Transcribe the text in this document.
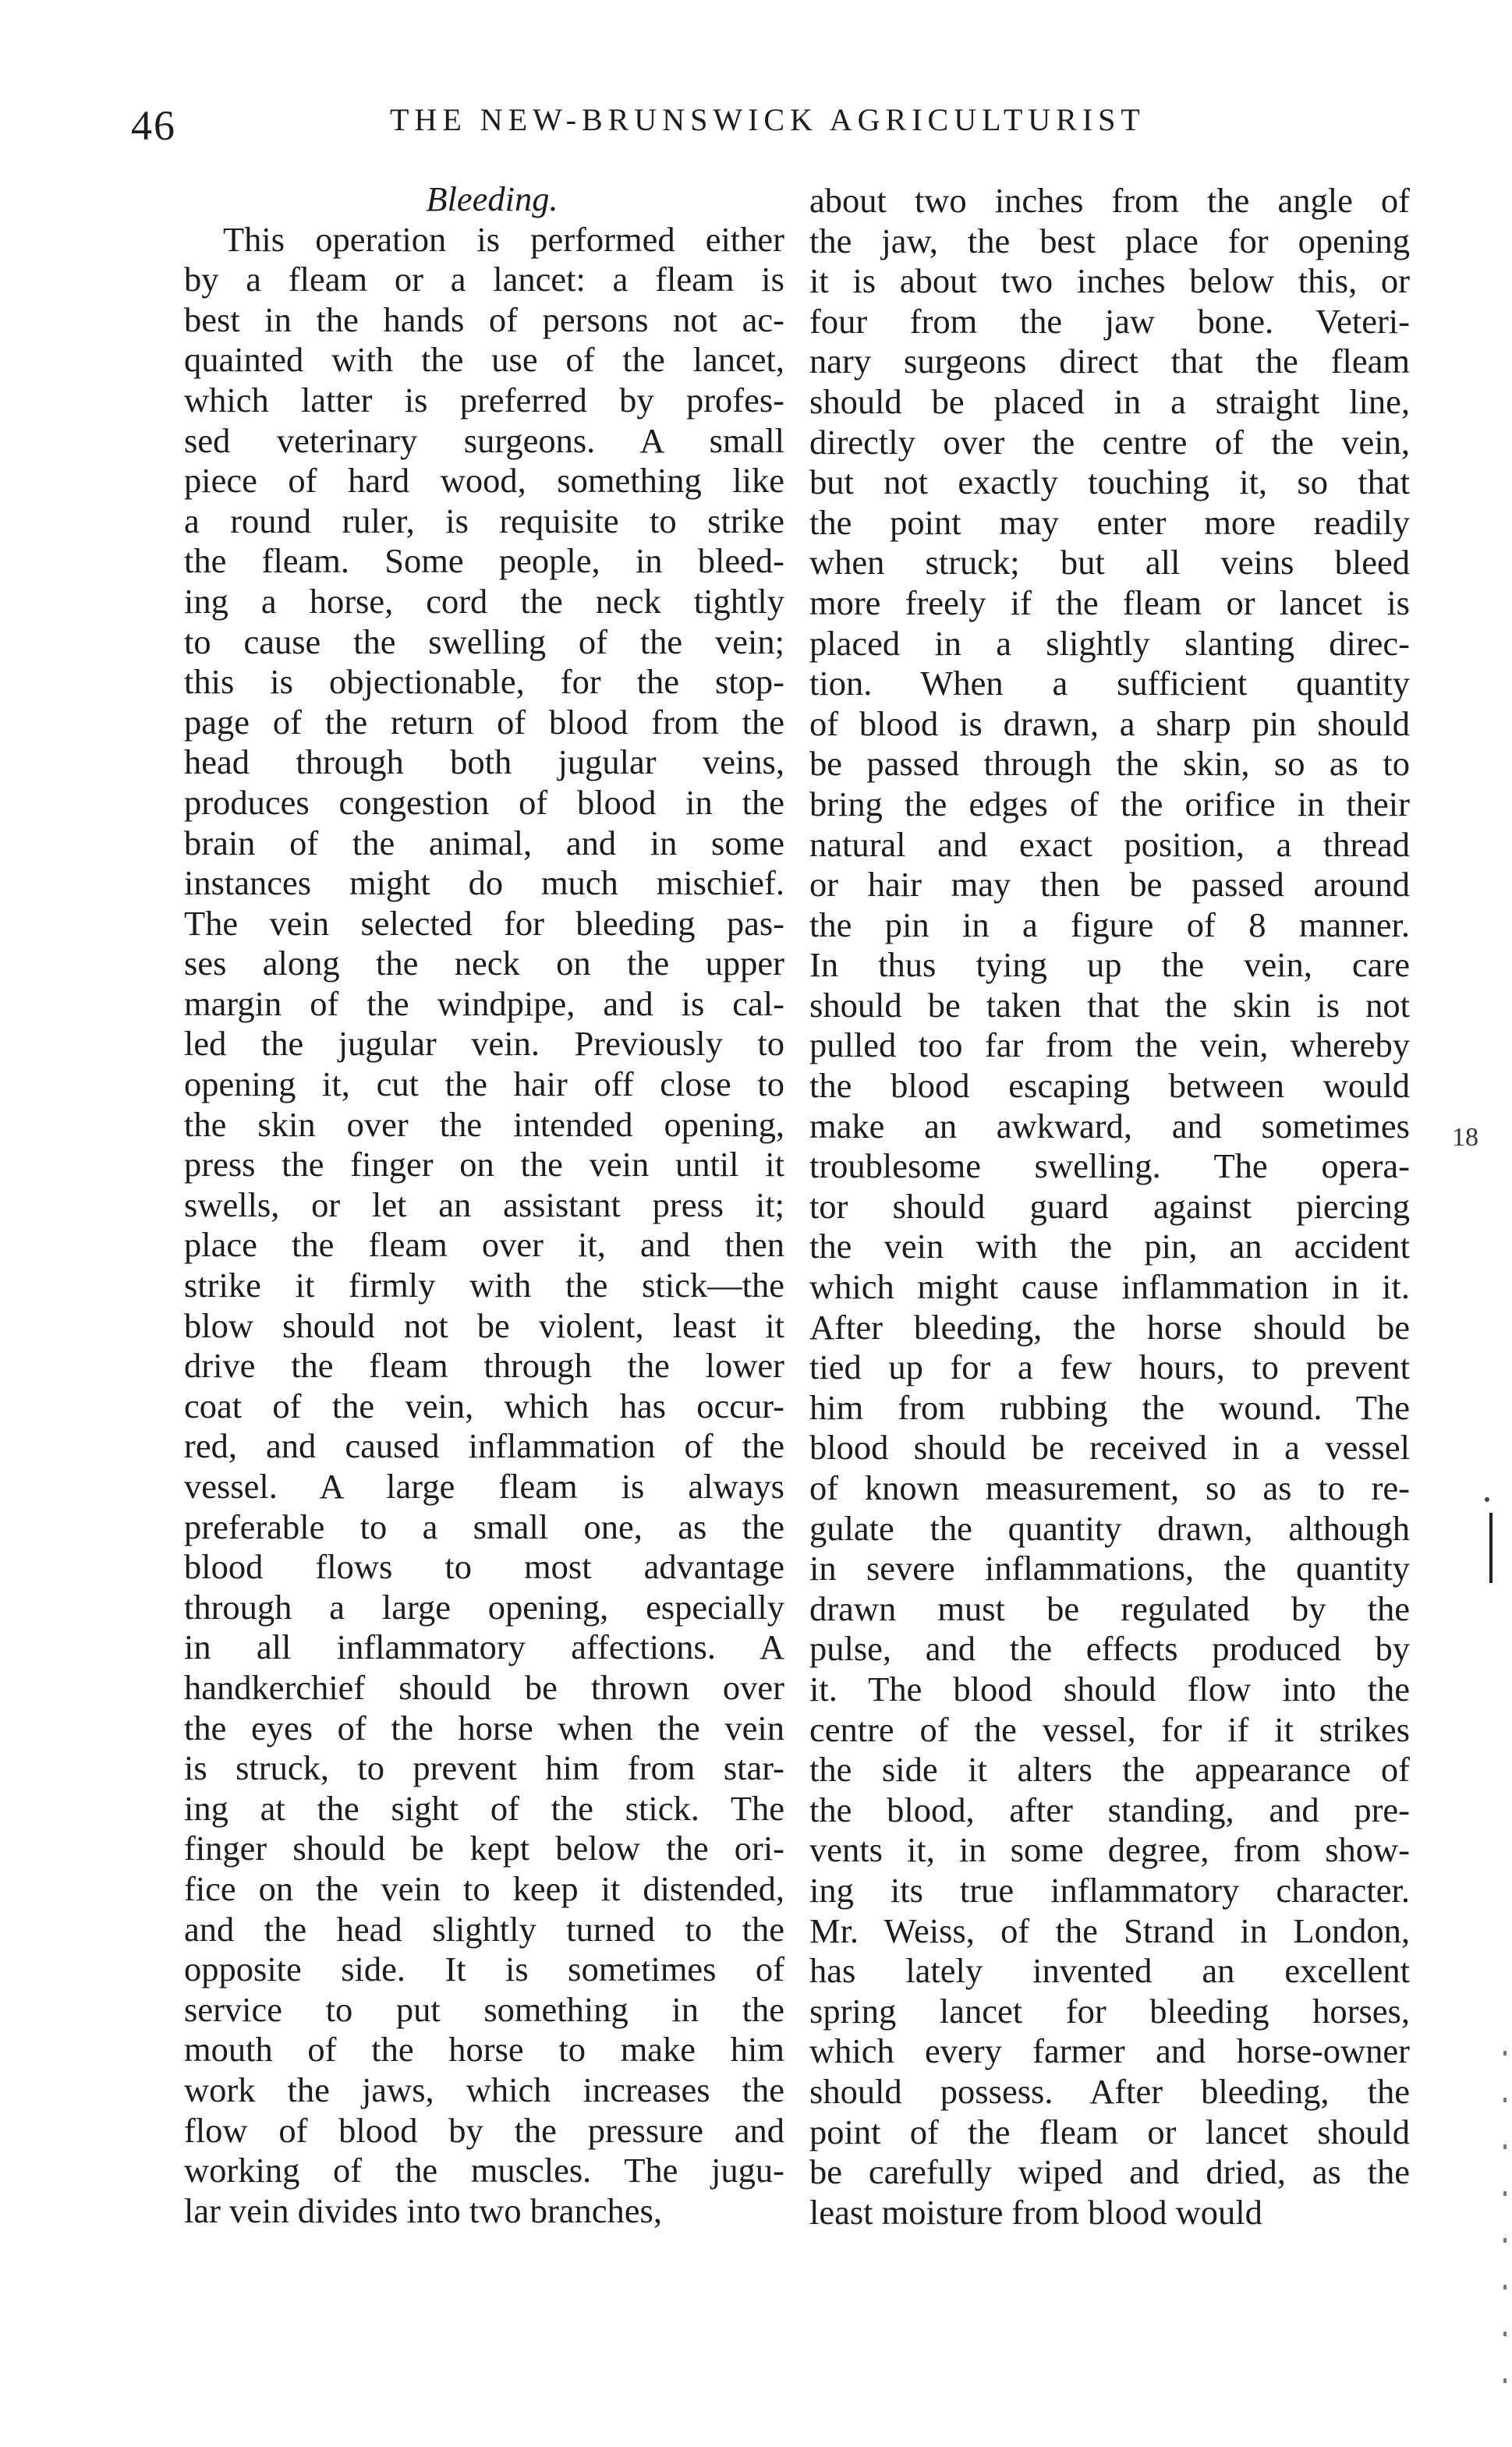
46	THE NEW-BRUNSWICK AGRICULTURIST
Bleeding.
This operation is performed either
by a fleam or a lancet: a fleam is
best in the hands of persons not ac-
quainted with the use of the lancet,
which latter is preferred by profes-
sed veterinary surgeons. A small
piece of hard wood, something like
a round ruler, is requisite to strike
the fleam. Some people, in bleed-
ing a horse, cord the neck tightly
to cause the swelling of the vein;
this is objectionable, for the stop-
page of the return of blood from the
head through both jugular veins,
produces congestion of blood in the
brain of the animal, and in some
instances might do much mischief.
The vein selected for bleeding pas-
ses along the neck on the upper
margin of the windpipe, and is cal-
led the jugular vein. Previously to
opening it, cut the hair off close to
the skin over the intended opening,
press the finger on the vein until it
swells, or let an assistant press it;
place the fleam over it, and then
strike it firmly with the stick—the
blow should not be violent, least it
drive the fleam through the lower
coat of the vein, which has occur-
red, and caused inflammation of the
vessel. A large fleam is always
preferable to a small one, as the
blood flows to most advantage
through a large opening, especially
in all inflammatory affections. A
handkerchief should be thrown over
the eyes of the horse when the vein
is struck, to prevent him from star-
ing at the sight of the stick. The
finger should be kept below the ori-
fice on the vein to keep it distended,
and the head slightly turned to the
opposite side. It is sometimes of
service to put something in the
mouth of the horse to make him
work the jaws, which increases the
flow of blood by the pressure and
working of the muscles. The jugu-
lar vein divides into two branches,
about two inches from the angle of
the jaw, the best place for opening
it is about two inches below this, or
four from the jaw bone. Veteri-
nary surgeons direct that the fleam
should be placed in a straight line,
directly over the centre of the vein,
but not exactly touching it, so that
the point may enter more readily
when struck; but all veins bleed
more freely if the fleam or lancet is
placed in a slightly slanting direc-
tion. When a sufficient quantity
of blood is drawn, a sharp pin should
be passed through the skin, so as to
bring the edges of the orifice in their
natural and exact position, a thread
or hair may then be passed around
the pin in a figure of 8 manner.
In thus tying up the vein, care
should be taken that the skin is not
pulled too far from the vein, whereby
the blood escaping between would
make an awkward, and sometimes
troublesome swelling. The opera-
tor should guard against piercing
the vein with the pin, an accident
which might cause inflammation in it.
After bleeding, the horse should be
tied up for a few hours, to prevent
him from rubbing the wound. The
blood should be received in a vessel
of known measurement, so as to re-
gulate the quantity drawn, although
in severe inflammations, the quantity
drawn must be regulated by the
pulse, and the effects produced by
it. The blood should flow into the
centre of the vessel, for if it strikes
the side it alters the appearance of
the blood, after standing, and pre-
vents it, in some degree, from show-
ing its true inflammatory character.
Mr. Weiss, of the Strand in London,
has lately invented an excellent
spring lancet for bleeding horses,
which every farmer and horse-owner
should possess. After bleeding, the
point of the fleam or lancet should
be carefully wiped and dried, as the
least moisture from blood would
18
